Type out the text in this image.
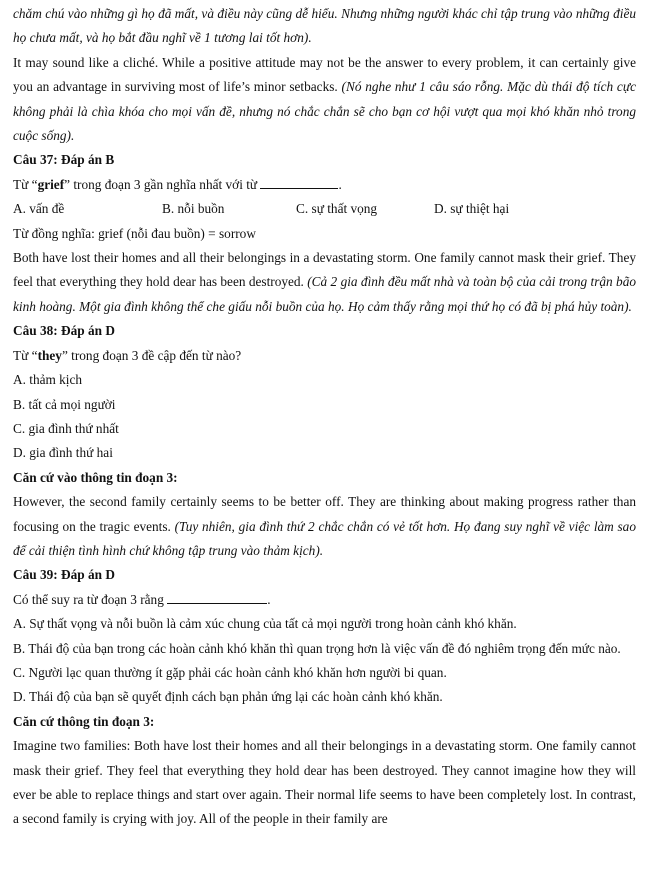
chăm chú vào những gì họ đã mất, và điều này cũng dễ hiểu. Nhưng những người khác chỉ tập trung vào những điều họ chưa mất, và họ bắt đầu nghĩ về 1 tương lai tốt hơn).

It may sound like a cliché. While a positive attitude may not be the answer to every problem, it can certainly give you an advantage in surviving most of life’s minor setbacks. (Nó nghe như 1 câu sáo rỗng. Mặc dù thái độ tích cực không phải là chìa khóa cho mọi vấn đề, nhưng nó chắc chắn sẽ cho bạn cơ hội vượt qua mọi khó khăn nhỏ trong cuộc sống).

Câu 37: Đáp án B

Từ “grief” trong đoạn 3 gần nghĩa nhất với từ	.

A. vấn đề	B. nỗi buồn	C. sự thất vọng	D. sự thiệt hại

Từ đồng nghĩa: grief (nỗi đau buồn) = sorrow

Both have lost their homes and all their belongings in a devastating storm. One family cannot mask their grief. They feel that everything they hold dear has been destroyed. (Cả 2 gia đình đều mất nhà và toàn bộ của cải trong trận bão kinh hoàng. Một gia đình không thể che giấu nỗi buồn của họ. Họ cảm thấy rằng mọi thứ họ có đã bị phá hủy toàn).

Câu 38: Đáp án D

Từ “they” trong đoạn 3 đề cập đến từ nào?

A. thảm kịch

B. tất cả mọi người

C. gia đình thứ nhất

D. gia đình thứ hai

Căn cứ vào thông tin đoạn 3:

However, the second family certainly seems to be better off. They are thinking about making progress rather than focusing on the tragic events. (Tuy nhiên, gia đình thứ 2 chắc chắn có vẻ tốt hơn. Họ đang suy nghĩ về việc làm sao để cải thiện tình hình chứ không tập trung vào thảm kịch).

Câu 39: Đáp án D

Có thể suy ra từ đoạn 3 rằng	.

A. Sự thất vọng và nỗi buồn là cảm xúc chung của tất cả mọi người trong hoàn cảnh khó khăn.

B. Thái độ của bạn trong các hoàn cảnh khó khăn thì quan trọng hơn là việc vấn đề đó nghiêm trọng đến mức nào.

C. Người lạc quan thường ít gặp phải các hoàn cảnh khó khăn hơn người bi quan.

D. Thái độ của bạn sẽ quyết định cách bạn phản ứng lại các hoàn cảnh khó khăn.

Căn cứ thông tin đoạn 3:

Imagine two families: Both have lost their homes and all their belongings in a devastating storm. One family cannot mask their grief. They feel that everything they hold dear has been destroyed. They cannot imagine how they will ever be able to replace things and start over again. Their normal life seems to have been completely lost. In contrast, a second family is crying with joy. All of the people in their family are
